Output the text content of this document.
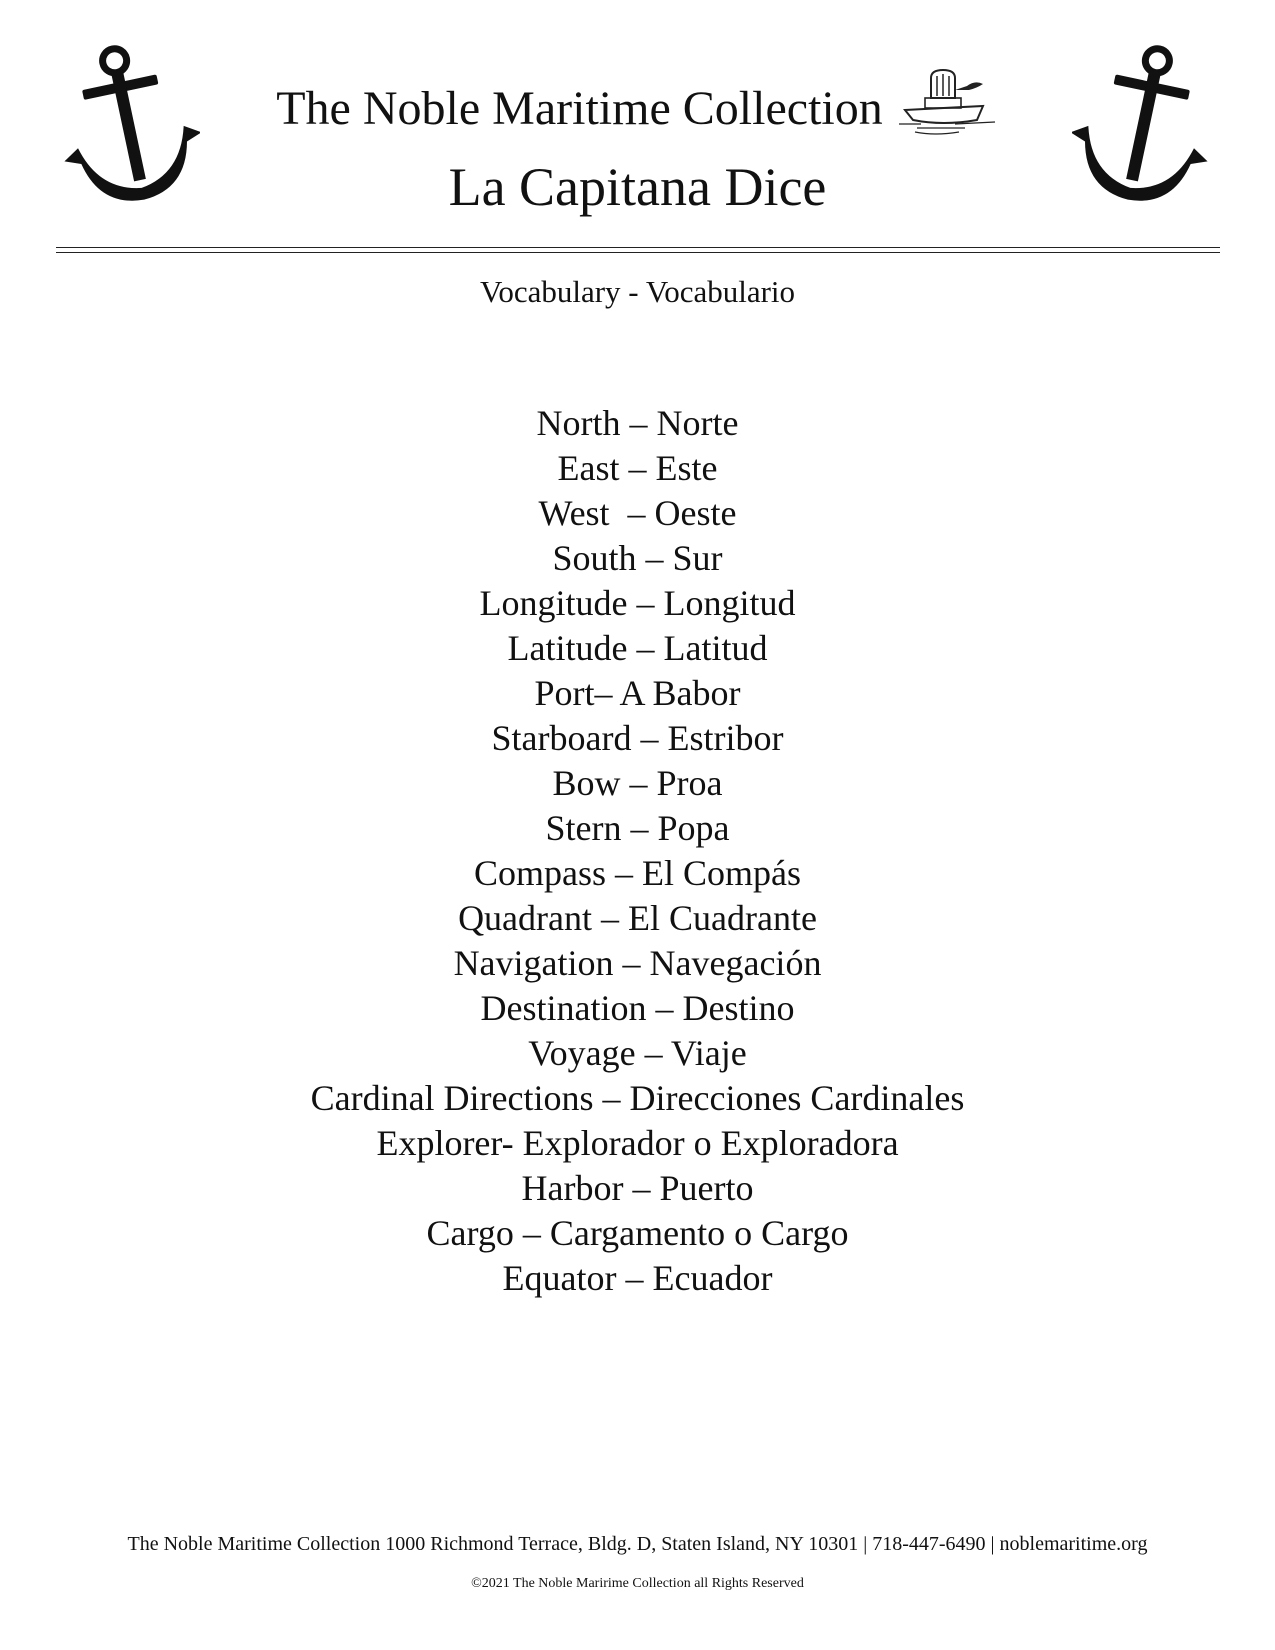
The Noble Maritime Collection
La Capitana Dice
Vocabulary - Vocabulario
North – Norte
East – Este
West  – Oeste
South – Sur
Longitude – Longitud
Latitude – Latitud
Port– A Babor
Starboard – Estribor
Bow – Proa
Stern – Popa
Compass – El Compás
Quadrant – El Cuadrante
Navigation – Navegación
Destination – Destino
Voyage – Viaje
Cardinal Directions – Direcciones Cardinales
Explorer- Explorador o Exploradora
Harbor – Puerto
Cargo – Cargamento o Cargo
Equator – Ecuador
The Noble Maritime Collection 1000 Richmond Terrace, Bldg. D, Staten Island, NY 10301 | 718-447-6490 | noblemaritime.org
©2021 The Noble Maririme Collection all Rights Reserved
